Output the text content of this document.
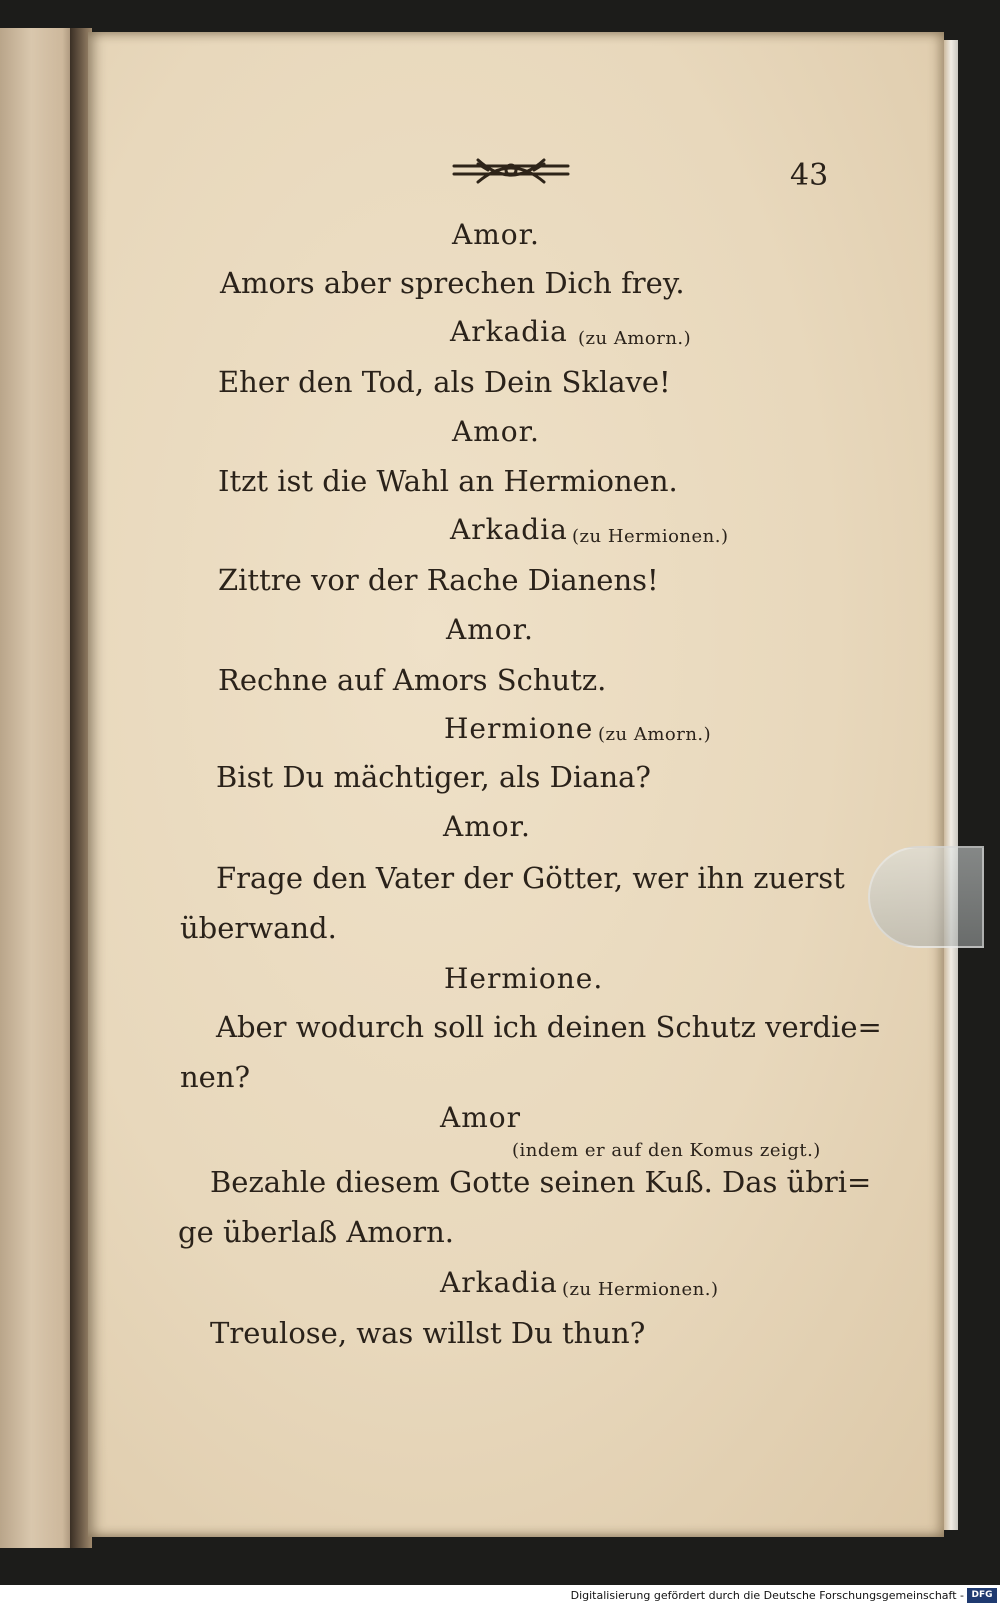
43
Amor.
Amors aber sprechen Dich frey.
Arkadia (zu Amorn.)
Eher den Tod, als Dein Sklave!
Amor.
Itzt ist die Wahl an Hermionen.
Arkadia (zu Hermionen.)
Zittre vor der Rache Dianens!
Amor.
Rechne auf Amors Schutz.
Hermione (zu Amorn.)
Bist Du mächtiger, als Diana?
Amor.
Frage den Vater der Götter, wer ihn zuerst
überwand.
Hermione.
Aber wodurch soll ich deinen Schutz verdie=
nen?
Amor
(indem er auf den Komus zeigt.)
Bezahle diesem Gotte seinen Kuß. Das übri=
ge überlaß Amorn.
Arkadia (zu Hermionen.)
Treulose, was willst Du thun?
Digitalisierung gefördert durch die Deutsche Forschungsgemeinschaft - DFG
